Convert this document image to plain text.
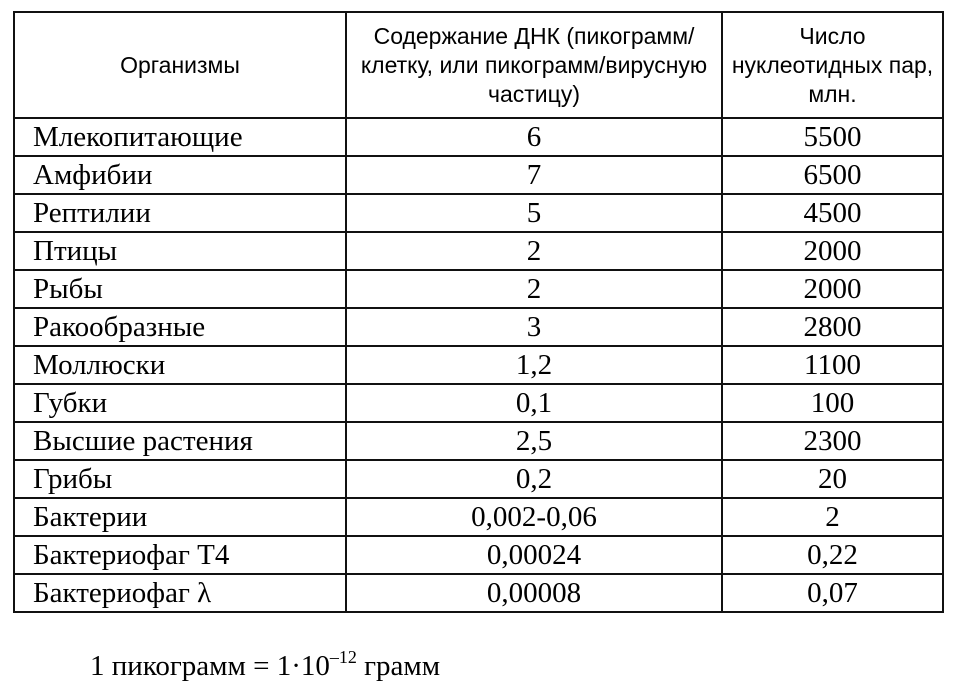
Организмы	Содержание ДНК (пикограмм/клетку, или пикограмм/вирусную частицу)	Число нуклеотидных пар, млн.
Млекопитающие	6	5500
Амфибии	7	6500
Рептилии	5	4500
Птицы	2	2000
Рыбы	2	2000
Ракообразные	3	2800
Моллюски	1,2	1100
Губки	0,1	100
Высшие растения	2,5	2300
Грибы	0,2	20
Бактерии	0,002-0,06	2
Бактериофаг Т4	0,00024	0,22
Бактериофаг λ	0,00008	0,07
1 пикограмм = $1\cdot 10^{-12}$ грамм
